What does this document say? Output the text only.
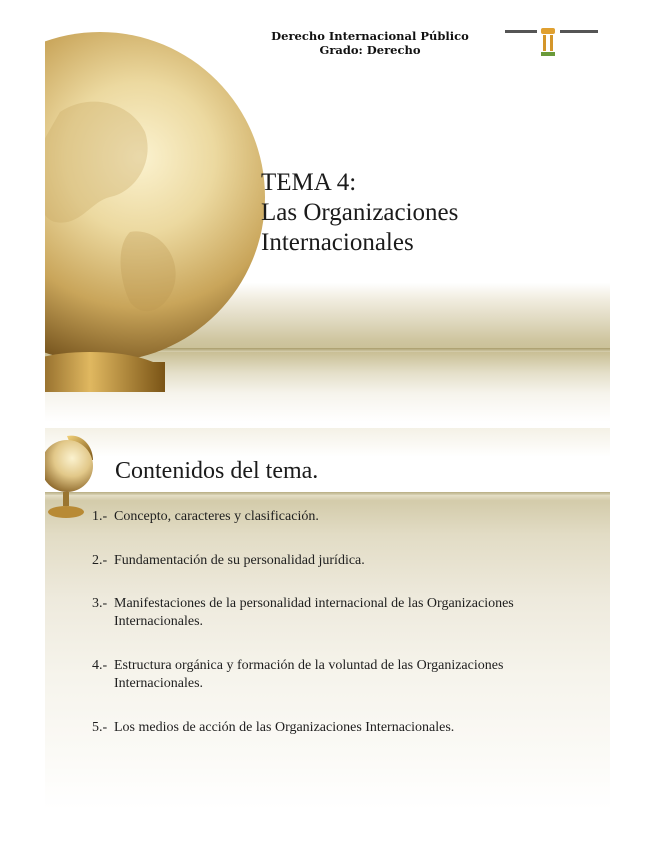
Derecho Internacional Público
Grado: Derecho
TEMA 4:
Las Organizaciones
Internacionales
Contenidos del tema.
1.- Concepto, caracteres y clasificación.
2.- Fundamentación de su personalidad jurídica.
3.- Manifestaciones de la personalidad internacional de las Organizaciones Internacionales.
4.- Estructura orgánica y formación de la voluntad de las Organizaciones Internacionales.
5.- Los medios de acción de las Organizaciones Internacionales.
